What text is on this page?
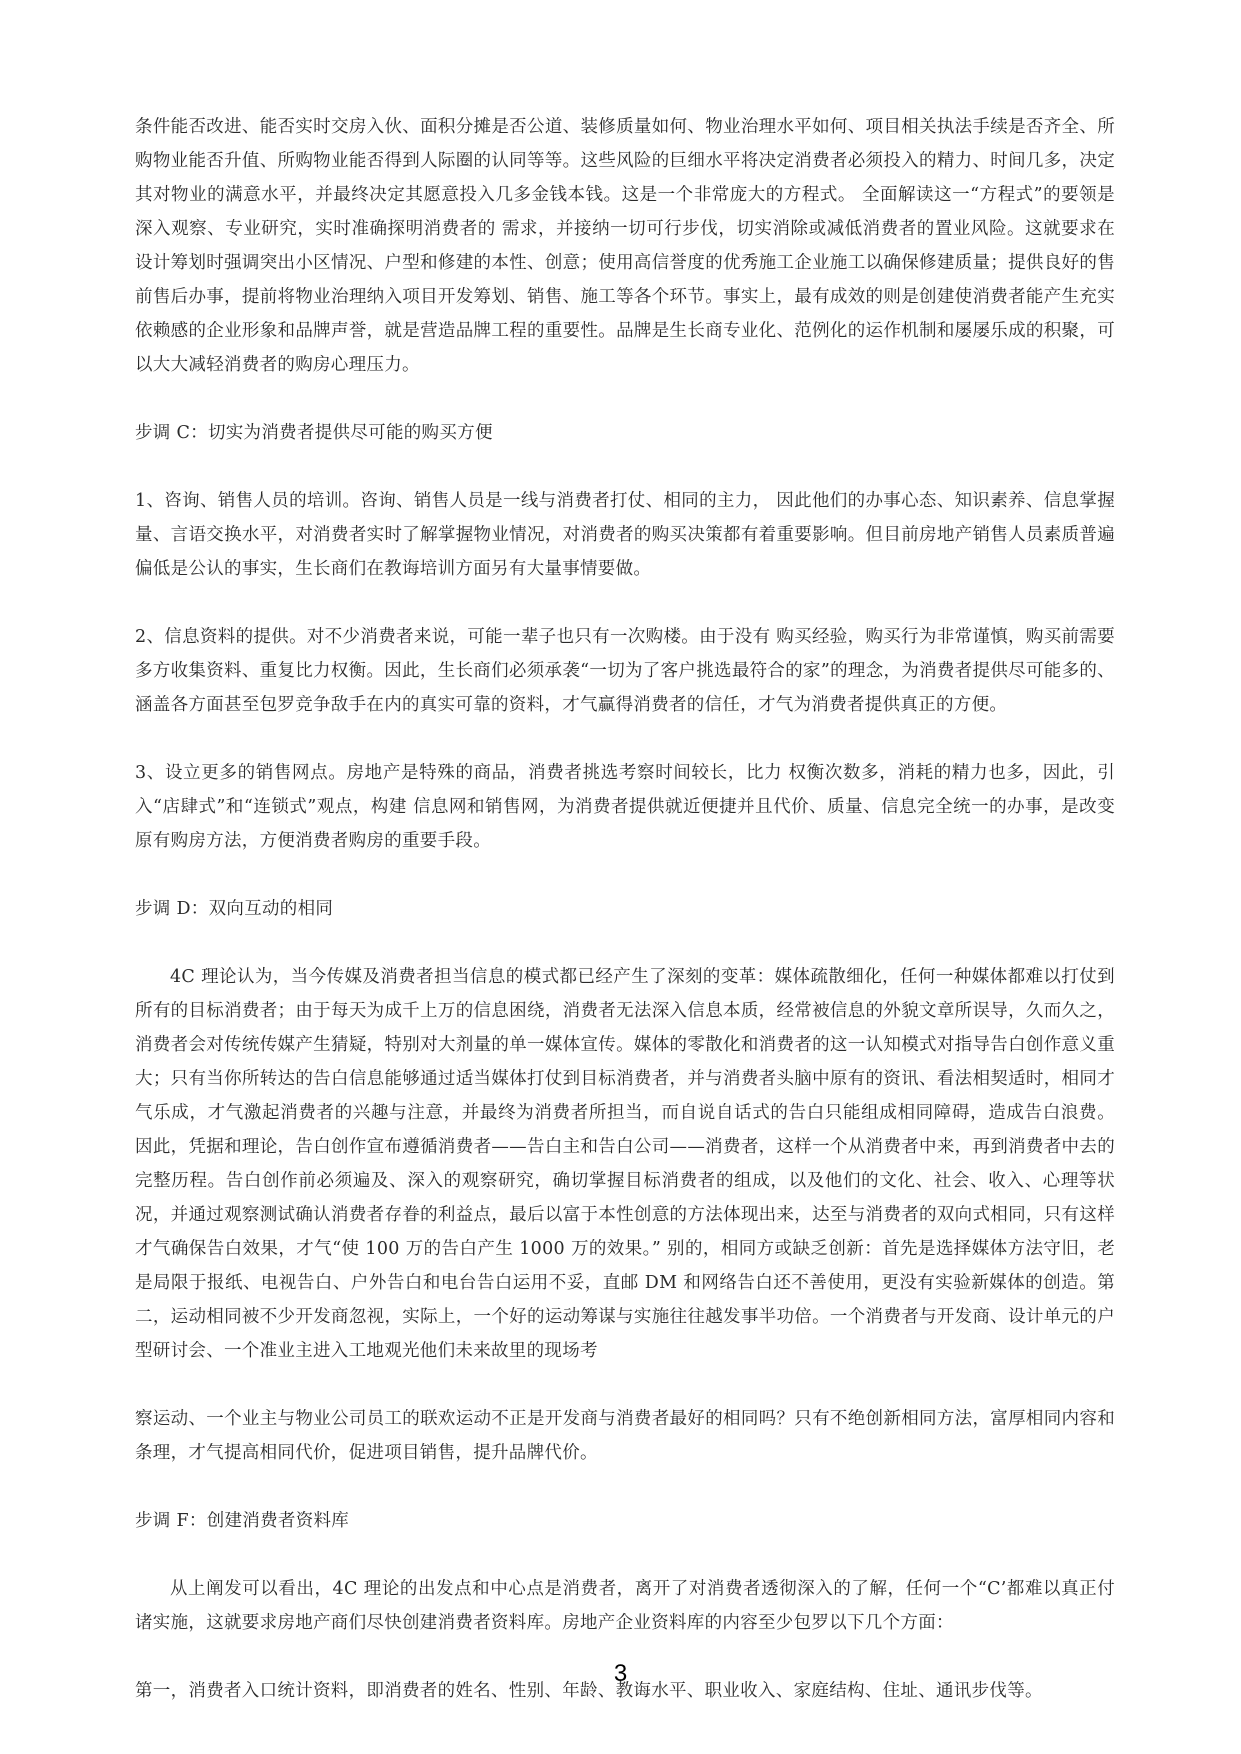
条件能否改进、能否实时交房入伙、面积分摊是否公道、装修质量如何、物业治理水平如何、项目相关执法手续是否齐全、所购物业能否升值、所购物业能否得到人际圈的认同等等。这些风险的巨细水平将决定消费者必须投入的精力、时间几多，决定其对物业的满意水平，并最终决定其愿意投入几多金钱本钱。这是一个非常庞大的方程式。 全面解读这一“方程式”的要领是深入观察、专业研究，实时准确探明消费者的 需求，并接纳一切可行步伐，切实消除或减低消费者的置业风险。这就要求在设计筹划时强调突出小区情况、户型和修建的本性、创意；使用高信誉度的优秀施工企业施工以确保修建质量；提供良好的售前售后办事，提前将物业治理纳入项目开发筹划、销售、施工等各个环节。事实上，最有成效的则是创建使消费者能产生充实依赖感的企业形象和品牌声誉，就是营造品牌工程的重要性。品牌是生长商专业化、范例化的运作机制和屡屡乐成的积聚，可以大大减轻消费者的购房心理压力。

步调 C：切实为消费者提供尽可能的购买方便

1、咨询、销售人员的培训。咨询、销售人员是一线与消费者打仗、相同的主力， 因此他们的办事心态、知识素养、信息掌握量、言语交换水平，对消费者实时了解掌握物业情况，对消费者的购买决策都有着重要影响。但目前房地产销售人员素质普遍偏低是公认的事实，生长商们在教诲培训方面另有大量事情要做。

2、信息资料的提供。对不少消费者来说，可能一辈子也只有一次购楼。由于没有 购买经验，购买行为非常谨慎，购买前需要多方收集资料、重复比力权衡。因此，生长商们必须承袭“一切为了客户挑选最符合的家”的理念，为消费者提供尽可能多的、涵盖各方面甚至包罗竞争敌手在内的真实可靠的资料，才气赢得消费者的信任，才气为消费者提供真正的方便。

3、设立更多的销售网点。房地产是特殊的商品，消费者挑选考察时间较长，比力 权衡次数多，消耗的精力也多，因此，引入“店肆式”和“连锁式”观点，构建 信息网和销售网，为消费者提供就近便捷并且代价、质量、信息完全统一的办事，是改变原有购房方法，方便消费者购房的重要手段。

步调 D：双向互动的相同

4C 理论认为，当今传媒及消费者担当信息的模式都已经产生了深刻的变革：媒体疏散细化，任何一种媒体都难以打仗到所有的目标消费者；由于每天为成千上万的信息困绕，消费者无法深入信息本质，经常被信息的外貌文章所误导，久而久之，消费者会对传统传媒产生猜疑，特别对大剂量的单一媒体宣传。媒体的零散化和消费者的这一认知模式对指导告白创作意义重大；只有当你所转达的告白信息能够通过适当媒体打仗到目标消费者，并与消费者头脑中原有的资讯、看法相契适时，相同才气乐成，才气激起消费者的兴趣与注意，并最终为消费者所担当，而自说自话式的告白只能组成相同障碍，造成告白浪费。 因此，凭据和理论，告白创作宣布遵循消费者——告白主和告白公司——消费者，这样一个从消费者中来，再到消费者中去的完整历程。告白创作前必须遍及、深入的观察研究，确切掌握目标消费者的组成，以及他们的文化、社会、收入、心理等状况，并通过观察测试确认消费者存眷的利益点，最后以富于本性创意的方法体现出来，达至与消费者的双向式相同，只有这样才气确保告白效果，才气“使 100 万的告白产生 1000 万的效果。” 别的，相同方或缺乏创新：首先是选择媒体方法守旧，老是局限于报纸、电视告白、户外告白和电台告白运用不妥，直邮 DM 和网络告白还不善使用，更没有实验新媒体的创造。第二，运动相同被不少开发商忽视，实际上，一个好的运动筹谋与实施往往越发事半功倍。一个消费者与开发商、设计单元的户型研讨会、一个准业主进入工地观光他们未来故里的现场考

察运动、一个业主与物业公司员工的联欢运动不正是开发商与消费者最好的相同吗？只有不绝创新相同方法，富厚相同内容和条理，才气提高相同代价，促进项目销售，提升品牌代价。

步调 F：创建消费者资料库

从上阐发可以看出，4C 理论的出发点和中心点是消费者，离开了对消费者透彻深入的了解，任何一个“C’都难以真正付诸实施，这就要求房地产商们尽快创建消费者资料库。房地产企业资料库的内容至少包罗以下几个方面：

第一，消费者入口统计资料，即消费者的姓名、性别、年龄、教诲水平、职业收入、家庭结构、住址、通讯步伐等。

3
